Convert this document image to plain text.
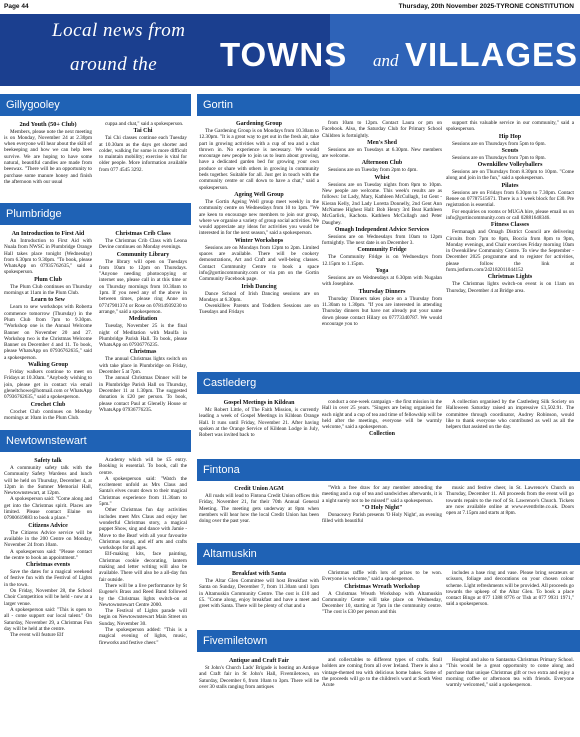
Page 44	Thursday, 20th November 2025-TYRONE CONSTITUTION
Local news from
around the TOWNS and VILLAGES
Gillygooley

2nd Youth (50+ Club)

Members, please note the next meeting is on Monday, November 24 at 2.30pm when everyone will hear about the skill of beekeeping and how we can help bees survive. We are hoping to have some natural, beautiful candles are made from beeswax. "There will be an opportunity to purchase some manure honey and finish the afternoon with our usual

cuppa and chat," said a spokesperson.

Tai Chi

Tai Chi classes continue each Tuesday at 10.30am as the days get shorter and colder, walking for some is more difficult to maintain mobility; exercise is vital for older people. More information available from 077 4545 3292.

Gortin

Gardening Group

The Gardening Group is on Mondays from 10.30am to 12.30pm. "It is a great way to get out in the fresh air, take part in growing activities with a cup of tea and a chat thrown in. No experience is necessary. We would encourage new people to join us to learn about growing, have a dedicated garden bed for growing your own produce or share with others in growing in community beds together. Suitable for all. Just get in touch with the community centre or call down to have a chat," said a spokesperson.

Ageing Well Group

The Gortin Ageing Well group meet weekly in the community centre on Wednesdays from 10 to 1pm. "We are keen to encourage new members to join our group, where we organise a variety of group social activities. We would appreciate any ideas for activities you would be interested in for the next season," said a spokesperson.

Winter Workshops

Sessions are on Mondays from 12pm to 2pm. Limited spaces are available. There will be cookery demonstrations, Art and Craft and well-being classes. Contact Community Centre to book a space info@gortincommunity.com or via pm on the Gortin Community Facebook page.

Irish Dancing

Dance School of Irish Dancing sessions are on Mondays at 6.30pm.

Owenkillew Parents and Toddlers Sessions are on Tuesdays and Fridays

from 10am to 12pm. Contact Laura or pm on Facebook. Also, the Saturday Club for Primary School Children is fortnightly.

Men's Shed

Sessions are on Tuesdays at 6.30pm. New members are welcome.

Afternoon Club

Sessions are on Tuesday from 2pm to 4pm.

Whist

Sessions are on Tuesday nights from 8pm to 10pm. New people are welcome. This week's results are as follows: 1st Lady, Mary, Kathleen McCullagh, 1st Gent - Kieran Kelly, 2nd Lady Loretta Donnelly, 2nd Gent Ann McNamee Highest Hall: Bob Henry 3rd Beat Kathleen McGarlick, Kachota. Kathleen McCullagh and Peter Daughey.

Omagh Independent Advice Services

Sessions are on Wednesdays from 10am to 12pm fortnightly. The next date is on December 3.

Community Fridge

The Community Fridge is on Wednesdays from 12.15pm to 1.15pm.

Yoga

Sessions are on Wednesdays at 6.30pm with Nugalan with Josephine.

Thursday Dinners

Thursday Dinners takes place on a Thursday from 11.30am to 1.30pm. "If you are interested in attending Thursday dinners but have not already put your name down please contact Hilary on 07773340787. We would encourage you to

support this valuable service in our community," said a spokesperson.

Hip Hop

Sessions are on Thursdays from 5pm to 6pm.

Scouts

Sessions are on Thursdays from 7pm to 8pm.

Owenkillew Volleyballers

Sessions are on Thursdays from 8.30pm to 10pm. "Come along and join in the fun," said a spokesperson.

Pilates

Sessions are on Fridays from 6.30pm to 7.30pm. Contact Renee on 07787515671. There is a 1 week block for £30. Pre registration is essential.

For enquiries on rooms or MUGA hire, please email us on info@gortincommunity.com or call 02881648346.

Fitness Classes

Fermanagh and Omagh District Council are delivering Circuits from 7pm to 8pm, Boccia from 8pm to 9pm, Monday evenings, and Chair exercises Friday morning 10am in Owenkillew Community Centre. To view the September - December 2025 programme and to register for activities, please follow the link at form.jotform.com/242182011044152

Christmas Lights

The Christmas lights switch-on event is on 11am on Thursday, December 4 at Bridge area.

Plumbridge

An Introduction to First Aid

An Introduction to First Aid with Nuala from NWSC in Plumbridge Orange Hall takes place tonight (Wednesday) from 6.30pm to 9.30pm. "To book, please WhatsApp on 07935762635," said a spokesperson.

Plum Club

The Plum Club continues on Thursday mornings at 11am in the Plum Club.

Learn to Sew

Learn to sew workshops with Roberta commence tomorrow (Thursday) in the Plum Club from 7pm to 9.30pm. "Workshop one is the Annual Welcome Banner on November 20 and 27. Workshop two is the Christmas Welcome Banner on December 4 and 11. To book, please WhatsApp on 07936762635," said a spokesperson.

Walking Group

Friday walkers continue to meet on Fridays at 10.30am. "Anybody wishing to join, please get in contact via email gleneltchowe@hotmail.com or WhatsApp 07936762635," said a spokesperson.

Crochet Club

Crochet Club continues on Monday mornings at 10am in the Plum Club.

Christmas Crib Class

The Christmas Crib Class with Leona Devine continues on Monday evenings.

Community Library

The library will open on Tuesdays from 10am to 12pm on Thursdays. "Anyone needing photocopying or internet use, please call in at this time or on Thursday mornings from 10.30am to 1pm. If you need any of the above in between times, please ring Anne on 07747901374 or Rose on 07814939230 to arrange," said a spokesperson.

Meditation

Tuesday, November 25 is the final night of Meditation with Maulfa in Plumbridge Parish Hall. To book, please WhatsApp on 07936776235.

Christmas

The annual Christmas lights switch on with take place in Plumbridge on Friday, December 5 at 7pm.

The annual Christmas Dinner will be in Plumbridge Parish Hall on Thursday, December 11 at 1.30pm. The suggested donation is £20 per person. To book, please contact Paul at Glenelly House or WhatsApp 07936776235.

Castlederg

Gospel Meetings in Kildean

Mc Robert Little, of The Faith Mission, is currently leading a week of Gospel Meetings in Kildean Orange Hall. It runs until Friday, November 21. After having spoken at the Orange Service of Kildean Lodge in July, Robert was invited back to

conduct a one-week campaign - the first mission in the Hall in over 25 years. "Singers are being organised for each night and a cup of tea and time of fellowship will be held after the meetings, everyone will be warmly welcome," said a spokesperson.

Collection

A collection organised by the Castlederg Silk Society on Halloween Saturday raised an impressive £1,502.91. The committee through coordinator, Audrey Robinson, would like to thank everyone who contributed as well as all the helpers that assisted on the day.

Newtownstewart

Safety talk

A community safety talk with the Community Safety Wardens and lunch will be held on Thursday, December 4, at 12pm in the Sumner Memorial Hall, Newtownstewart, at 12pm.

A spokesperson said: "Come along and get into the Christmas spirit. Places are limited. Please contact Elaine on 07900619883 to book a place."

Citizens Advice

The Citizens Advice service will be available in the 200 Centre on Monday, November 24 from 10am.

A spokesperson said: "Please contact the centre to book an appointment."

Christmas events

Save the dates for a magical weekend of festive fun with the Festival of Lights in the town.

On Friday, November 28, the School Choir Competition will be held - now at a larger venue.

A spokesperson said: "This is open to all - come support our local talent." On Saturday, November 29, a Christmas Fun day will be held at the centre.

The event will feature Elf

Academy which will be £5 entry. Booking is essential. To book, call the centre.

A spokesperson said: "Watch the excitement unfold as Mrs Claus and Santa's elves count down to their magical Christmas experience from 11.30am to 5pm."

Other Christmas fun day activities includes meet Mrs Claus and enjoy her wonderful Christmas story, a magical puppet Show, sing and dance with Jamie - Move to the Beat! with all your favourite Christmas songs, and elf arts and crafts workshops for all ages.

Elf-making kits, face painting, Christmas cookie decorating, lantern making and letter writing will also be available. There will also be a all-day fun fair outside.

There will be a live performance by St Eugene's Brass and Reed Band followed by the Christmas lights switch-on at Newtownstewart Centre 2000.

The Festival of Lights parade will begin on Newtownstewart Main Street on Sunday, November 30.

The spokesperson added: "This is a magical evening of lights, music, fireworks and festive cheer."

Fintona

Credit Union AGM

All roads will lead to Fintona Credit Union offices this Friday, November 21, for their 70th Annual General Meeting. The meeting gets underway at 8pm when members will hear how the local Credit Union has been doing over the past year.

"With a free draw for any member attending the meeting and a cup of tea and sandwiches afterwards, it is a night surely not to be missed!" said a spokesperson.

"O Holy Night"

Donaceavy Parish presents 'O Holy Night', an evening filled with beautiful

music and festive cheer, in St. Lawrence's Church on Thursday, December 11. All proceeds from the event will go towards repairs to the roof of St. Lawrence's Church. Tickets are now available online at www.eventbrite.co.uk. Doors open at 7.15pm and starts at 8pm.

Altamuskin

Breakfast with Santa

The Altar Glen Committee will host Breakfast with Santa on Sunday, December 7, from 11.30am until 1pm in Altamuskin Community Centre. The cost is £10 and £5. "Come along, enjoy breakfast and have a meet and greet with Santa. There will be plenty of chat and a

Christmas raffle with lots of prizes to be won. Everyone is welcome," said a spokesperson.

Christmas Wreath Workshop

A Christmas Wreath Workshop with Altamuskin Community Centre will take place on Wednesday, December 10, starting at 7pm in the community centre. "The cost is £30 per person and this

includes a base ring and vase. Please bring secateurs or scissors, foliage and decorations on your chosen colour scheme. Light refreshments will be provided. All proceeds go towards the upkeep of the Altar Glen. To book a place contact Bingo at 077 1388 8776 or Tish at 077 9931 1971," said a spokesperson.

Fivemiletown

Antique and Craft Fair

St John's Church Lads' Brigade is hosting an Antique and Craft fair in St John's Hall, Fivemiletown, on Saturday, December 6, from 10am to 3pm. There will be over 30 stalls ranging from antiques

and collectables to different types of crafts. Stall holders are coming from all over Ireland. There is also a vintage-themed tea with delicious home bakes. Some of the proceeds will go to the children's ward at South West Acute

Hospital and also to Santasma Christmas Primary School. "This would be a great opportunity to come along and purchase that unique Christmas gift or two extra and enjoy a morning coffee or afternoon tea with friends. Everyone warmly welcomed," said a spokesperson.
